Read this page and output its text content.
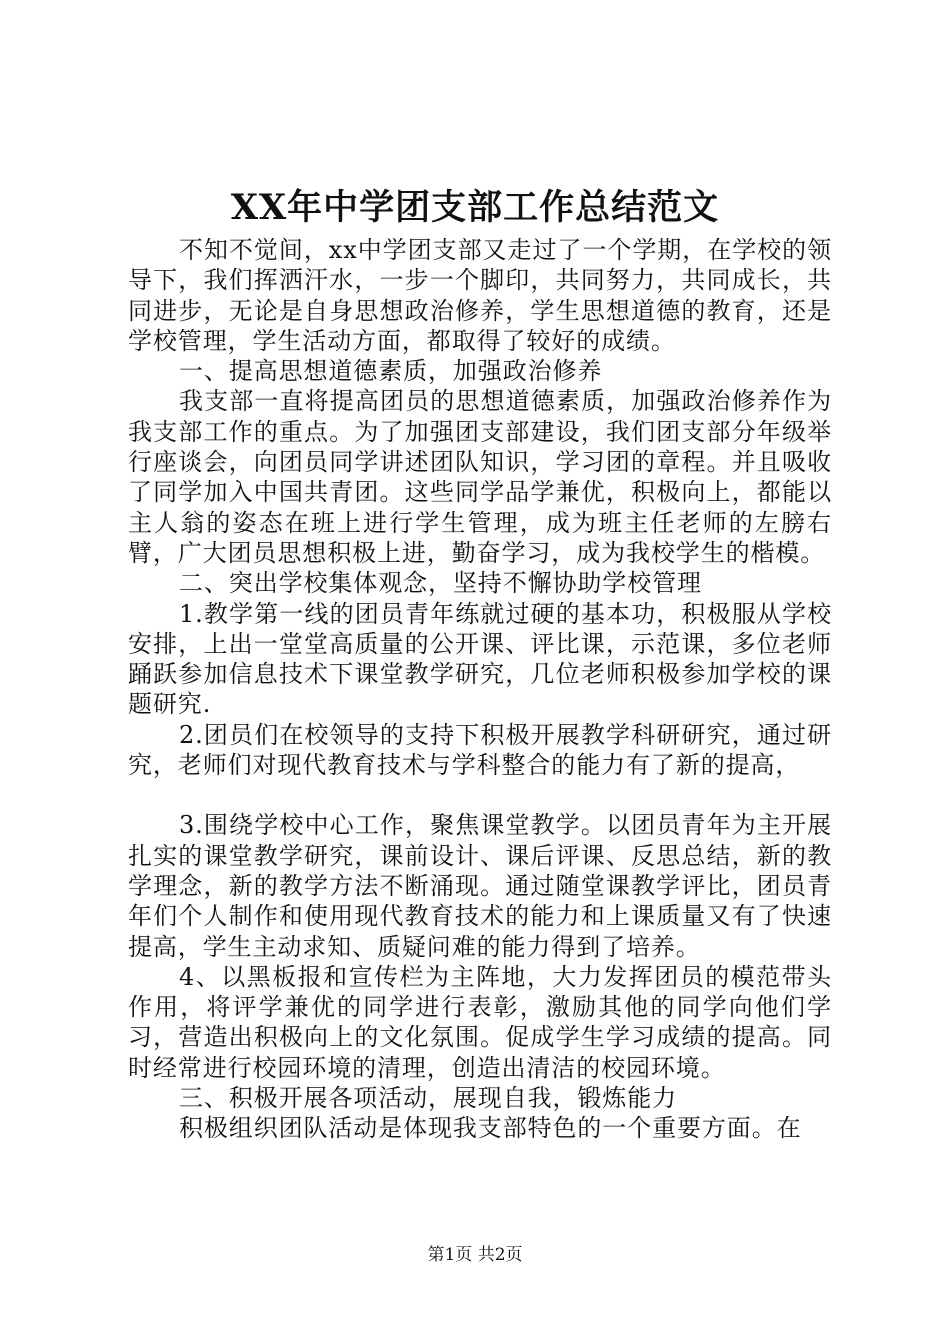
XX年中学团支部工作总结范文

不知不觉间，xx中学团支部又走过了一个学期，在学校的领导下，我们挥洒汗水，一步一个脚印，共同努力，共同成长，共同进步，无论是自身思想政治修养，学生思想道德的教育，还是学校管理，学生活动方面，都取得了较好的成绩。

一、提高思想道德素质，加强政治修养

我支部一直将提高团员的思想道德素质，加强政治修养作为我支部工作的重点。为了加强团支部建设，我们团支部分年级举行座谈会，向团员同学讲述团队知识，学习团的章程。并且吸收了同学加入中国共青团。这些同学品学兼优，积极向上，都能以主人翁的姿态在班上进行学生管理，成为班主任老师的左膀右臂，广大团员思想积极上进，勤奋学习，成为我校学生的楷模。

二、突出学校集体观念，坚持不懈协助学校管理

1.教学第一线的团员青年练就过硬的基本功，积极服从学校安排，上出一堂堂高质量的公开课、评比课，示范课，多位老师踊跃参加信息技术下课堂教学研究，几位老师积极参加学校的课题研究.

2.团员们在校领导的支持下积极开展教学科研研究，通过研究，老师们对现代教育技术与学科整合的能力有了新的提高，

3.围绕学校中心工作，聚焦课堂教学。以团员青年为主开展扎实的课堂教学研究，课前设计、课后评课、反思总结，新的教学理念，新的教学方法不断涌现。通过随堂课教学评比，团员青年们个人制作和使用现代教育技术的能力和上课质量又有了快速提高，学生主动求知、质疑问难的能力得到了培养。

4、以黑板报和宣传栏为主阵地，大力发挥团员的模范带头作用，将评学兼优的同学进行表彰，激励其他的同学向他们学习，营造出积极向上的文化氛围。促成学生学习成绩的提高。同时经常进行校园环境的清理，创造出清洁的校园环境。

三、积极开展各项活动，展现自我，锻炼能力

积极组织团队活动是体现我支部特色的一个重要方面。在

第1页 共2页
